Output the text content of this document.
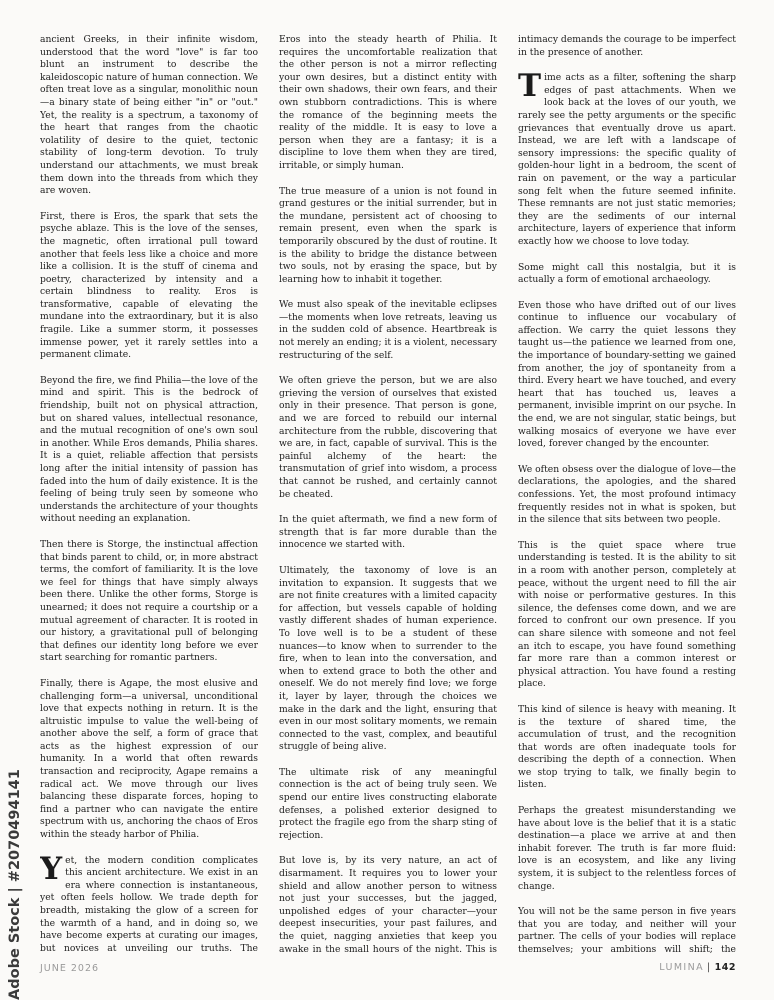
ancient Greeks, in their infinite wisdom, understood that the word "love" is far too blunt an instrument to describe the kaleidoscopic nature of human connection. We often treat love as a singular, monolithic noun—a binary state of being either "in" or "out." Yet, the reality is a spectrum, a taxonomy of the heart that ranges from the chaotic volatility of desire to the quiet, tectonic stability of long-term devotion. To truly understand our attachments, we must break them down into the threads from which they are woven.

First, there is Eros, the spark that sets the psyche ablaze. This is the love of the senses, the magnetic, often irrational pull toward another that feels less like a choice and more like a collision. It is the stuff of cinema and poetry, characterized by intensity and a certain blindness to reality. Eros is transformative, capable of elevating the mundane into the extraordinary, but it is also fragile. Like a summer storm, it possesses immense power, yet it rarely settles into a permanent climate.

Beyond the fire, we find Philia—the love of the mind and spirit. This is the bedrock of friendship, built not on physical attraction, but on shared values, intellectual resonance, and the mutual recognition of one's own soul in another. While Eros demands, Philia shares. It is a quiet, reliable affection that persists long after the initial intensity of passion has faded into the hum of daily existence. It is the feeling of being truly seen by someone who understands the architecture of your thoughts without needing an explanation.

Then there is Storge, the instinctual affection that binds parent to child, or, in more abstract terms, the comfort of familiarity. It is the love we feel for things that have simply always been there. Unlike the other forms, Storge is unearned; it does not require a courtship or a mutual agreement of character. It is rooted in our history, a gravitational pull of belonging that defines our identity long before we ever start searching for romantic partners.

Finally, there is Agape, the most elusive and challenging form—a universal, unconditional love that expects nothing in return. It is the altruistic impulse to value the well-being of another above the self, a form of grace that acts as the highest expression of our humanity. In a world that often rewards transaction and reciprocity, Agape remains a radical act. We move through our lives balancing these disparate forces, hoping to find a partner who can navigate the entire spectrum with us, anchoring the chaos of Eros within the steady harbor of Philia.

Yet, the modern condition complicates this ancient architecture. We exist in an era where connection is instantaneous, yet often feels hollow. We trade depth for breadth, mistaking the glow of a screen for the warmth of a hand, and in doing so, we have become experts at curating our images, but novices at unveiling our truths. The

Eros into the steady hearth of Philia. It requires the uncomfortable realization that the other person is not a mirror reflecting your own desires, but a distinct entity with their own shadows, their own fears, and their own stubborn contradictions. This is where the romance of the beginning meets the reality of the middle. It is easy to love a person when they are a fantasy; it is a discipline to love them when they are tired, irritable, or simply human.

The true measure of a union is not found in grand gestures or the initial surrender, but in the mundane, persistent act of choosing to remain present, even when the spark is temporarily obscured by the dust of routine. It is the ability to bridge the distance between two souls, not by erasing the space, but by learning how to inhabit it together.

We must also speak of the inevitable eclipses—the moments when love retreats, leaving us in the sudden cold of absence. Heartbreak is not merely an ending; it is a violent, necessary restructuring of the self.

We often grieve the person, but we are also grieving the version of ourselves that existed only in their presence. That person is gone, and we are forced to rebuild our internal architecture from the rubble, discovering that we are, in fact, capable of survival. This is the painful alchemy of the heart: the transmutation of grief into wisdom, a process that cannot be rushed, and certainly cannot be cheated.

In the quiet aftermath, we find a new form of strength that is far more durable than the innocence we started with.

Ultimately, the taxonomy of love is an invitation to expansion. It suggests that we are not finite creatures with a limited capacity for affection, but vessels capable of holding vastly different shades of human experience. To love well is to be a student of these nuances—to know when to surrender to the fire, when to lean into the conversation, and when to extend grace to both the other and oneself. We do not merely find love; we forge it, layer by layer, through the choices we make in the dark and the light, ensuring that even in our most solitary moments, we remain connected to the vast, complex, and beautiful struggle of being alive.

The ultimate risk of any meaningful connection is the act of being truly seen. We spend our entire lives constructing elaborate defenses, a polished exterior designed to protect the fragile ego from the sharp sting of rejection.

But love is, by its very nature, an act of disarmament. It requires you to lower your shield and allow another person to witness not just your successes, but the jagged, unpolished edges of your character—your deepest insecurities, your past failures, and the quiet, nagging anxieties that keep you awake in the small hours of the night. This is

intimacy demands the courage to be imperfect in the presence of another.

Time acts as a filter, softening the sharp edges of past attachments. When we look back at the loves of our youth, we rarely see the petty arguments or the specific grievances that eventually drove us apart. Instead, we are left with a landscape of sensory impressions: the specific quality of golden-hour light in a bedroom, the scent of rain on pavement, or the way a particular song felt when the future seemed infinite. These remnants are not just static memories; they are the sediments of our internal architecture, layers of experience that inform exactly how we choose to love today.

Some might call this nostalgia, but it is actually a form of emotional archaeology.

Even those who have drifted out of our lives continue to influence our vocabulary of affection. We carry the quiet lessons they taught us—the patience we learned from one, the importance of boundary-setting we gained from another, the joy of spontaneity from a third. Every heart we have touched, and every heart that has touched us, leaves a permanent, invisible imprint on our psyche. In the end, we are not singular, static beings, but walking mosaics of everyone we have ever loved, forever changed by the encounter.

We often obsess over the dialogue of love—the declarations, the apologies, and the shared confessions. Yet, the most profound intimacy frequently resides not in what is spoken, but in the silence that sits between two people.

This is the quiet space where true understanding is tested. It is the ability to sit in a room with another person, completely at peace, without the urgent need to fill the air with noise or performative gestures. In this silence, the defenses come down, and we are forced to confront our own presence. If you can share silence with someone and not feel an itch to escape, you have found something far more rare than a common interest or physical attraction. You have found a resting place.

This kind of silence is heavy with meaning. It is the texture of shared time, the accumulation of trust, and the recognition that words are often inadequate tools for describing the depth of a connection. When we stop trying to talk, we finally begin to listen.

Perhaps the greatest misunderstanding we have about love is the belief that it is a static destination—a place we arrive at and then inhabit forever. The truth is far more fluid: love is an ecosystem, and like any living system, it is subject to the relentless forces of change.

You will not be the same person in five years that you are today, and neither will your partner. The cells of your bodies will replace themselves; your ambitions will shift; the

JUNE 2026	LUMINA | 142
Adobe Stock | #2070494141
